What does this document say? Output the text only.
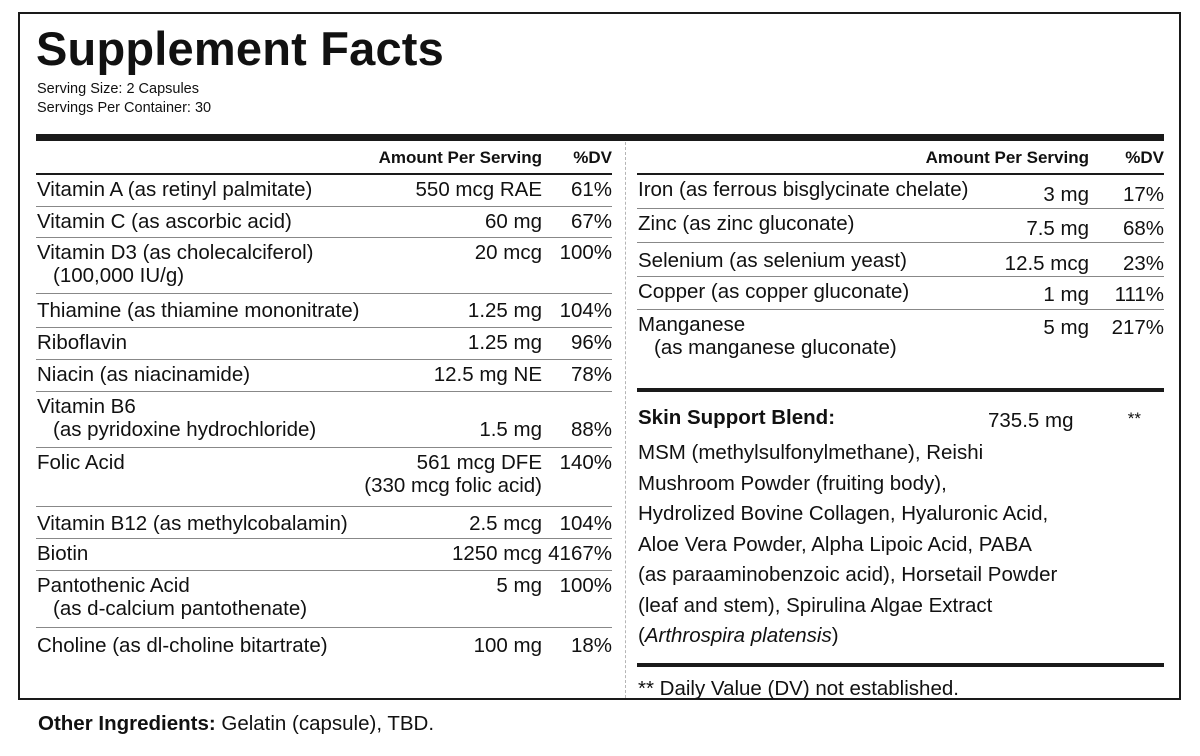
Supplement Facts
Serving Size: 2 Capsules
Servings Per Container: 30
Amount Per Serving %DV
Vitamin A (as retinyl palmitate)	550 mcg RAE 61%
Vitamin C (as ascorbic acid)	60 mg 67%
Vitamin D3 (as cholecalciferol)
(100,000 IU/g)
20 mcg 100%
Thiamine (as thiamine mononitrate)	1.25 mg 104%
Riboflavin	1.25 mg 96%
Niacin (as niacinamide)	12.5 mg NE 78%
Vitamin B6
(as pyridoxine hydrochloride)	1.5 mg 88%
Folic Acid	561 mcg DFE
(330 mcg folic acid)
140%
Vitamin B12 (as methylcobalamin)	2.5 mcg 104%
Biotin	1250 mcg 4167%
Pantothenic Acid
(as d-calcium pantothenate)
5 mg 100%
Choline (as dl-choline bitartrate)	100 mg 18%
Amount Per Serving %DV
Iron (as ferrous bisglycinate chelate)	3 mg 17%
Zinc (as zinc gluconate)	7.5 mg 68%
Selenium (as selenium yeast)	12.5 mcg 23%
Copper (as copper gluconate)	1 mg 111%
Manganese
(as manganese gluconate)
5 mg 217%
Skin Support Blend:	735.5 mg	**
MSM (methylsulfonylmethane), Reishi
Mushroom Powder (fruiting body),
Hydrolized Bovine Collagen, Hyaluronic Acid,
Aloe Vera Powder, Alpha Lipoic Acid, PABA
(as paraaminobenzoic acid), Horsetail Powder
(leaf and stem), Spirulina Algae Extract
(Arthrospira platensis)
** Daily Value (DV) not established.
Other Ingredients: Gelatin (capsule), TBD.
